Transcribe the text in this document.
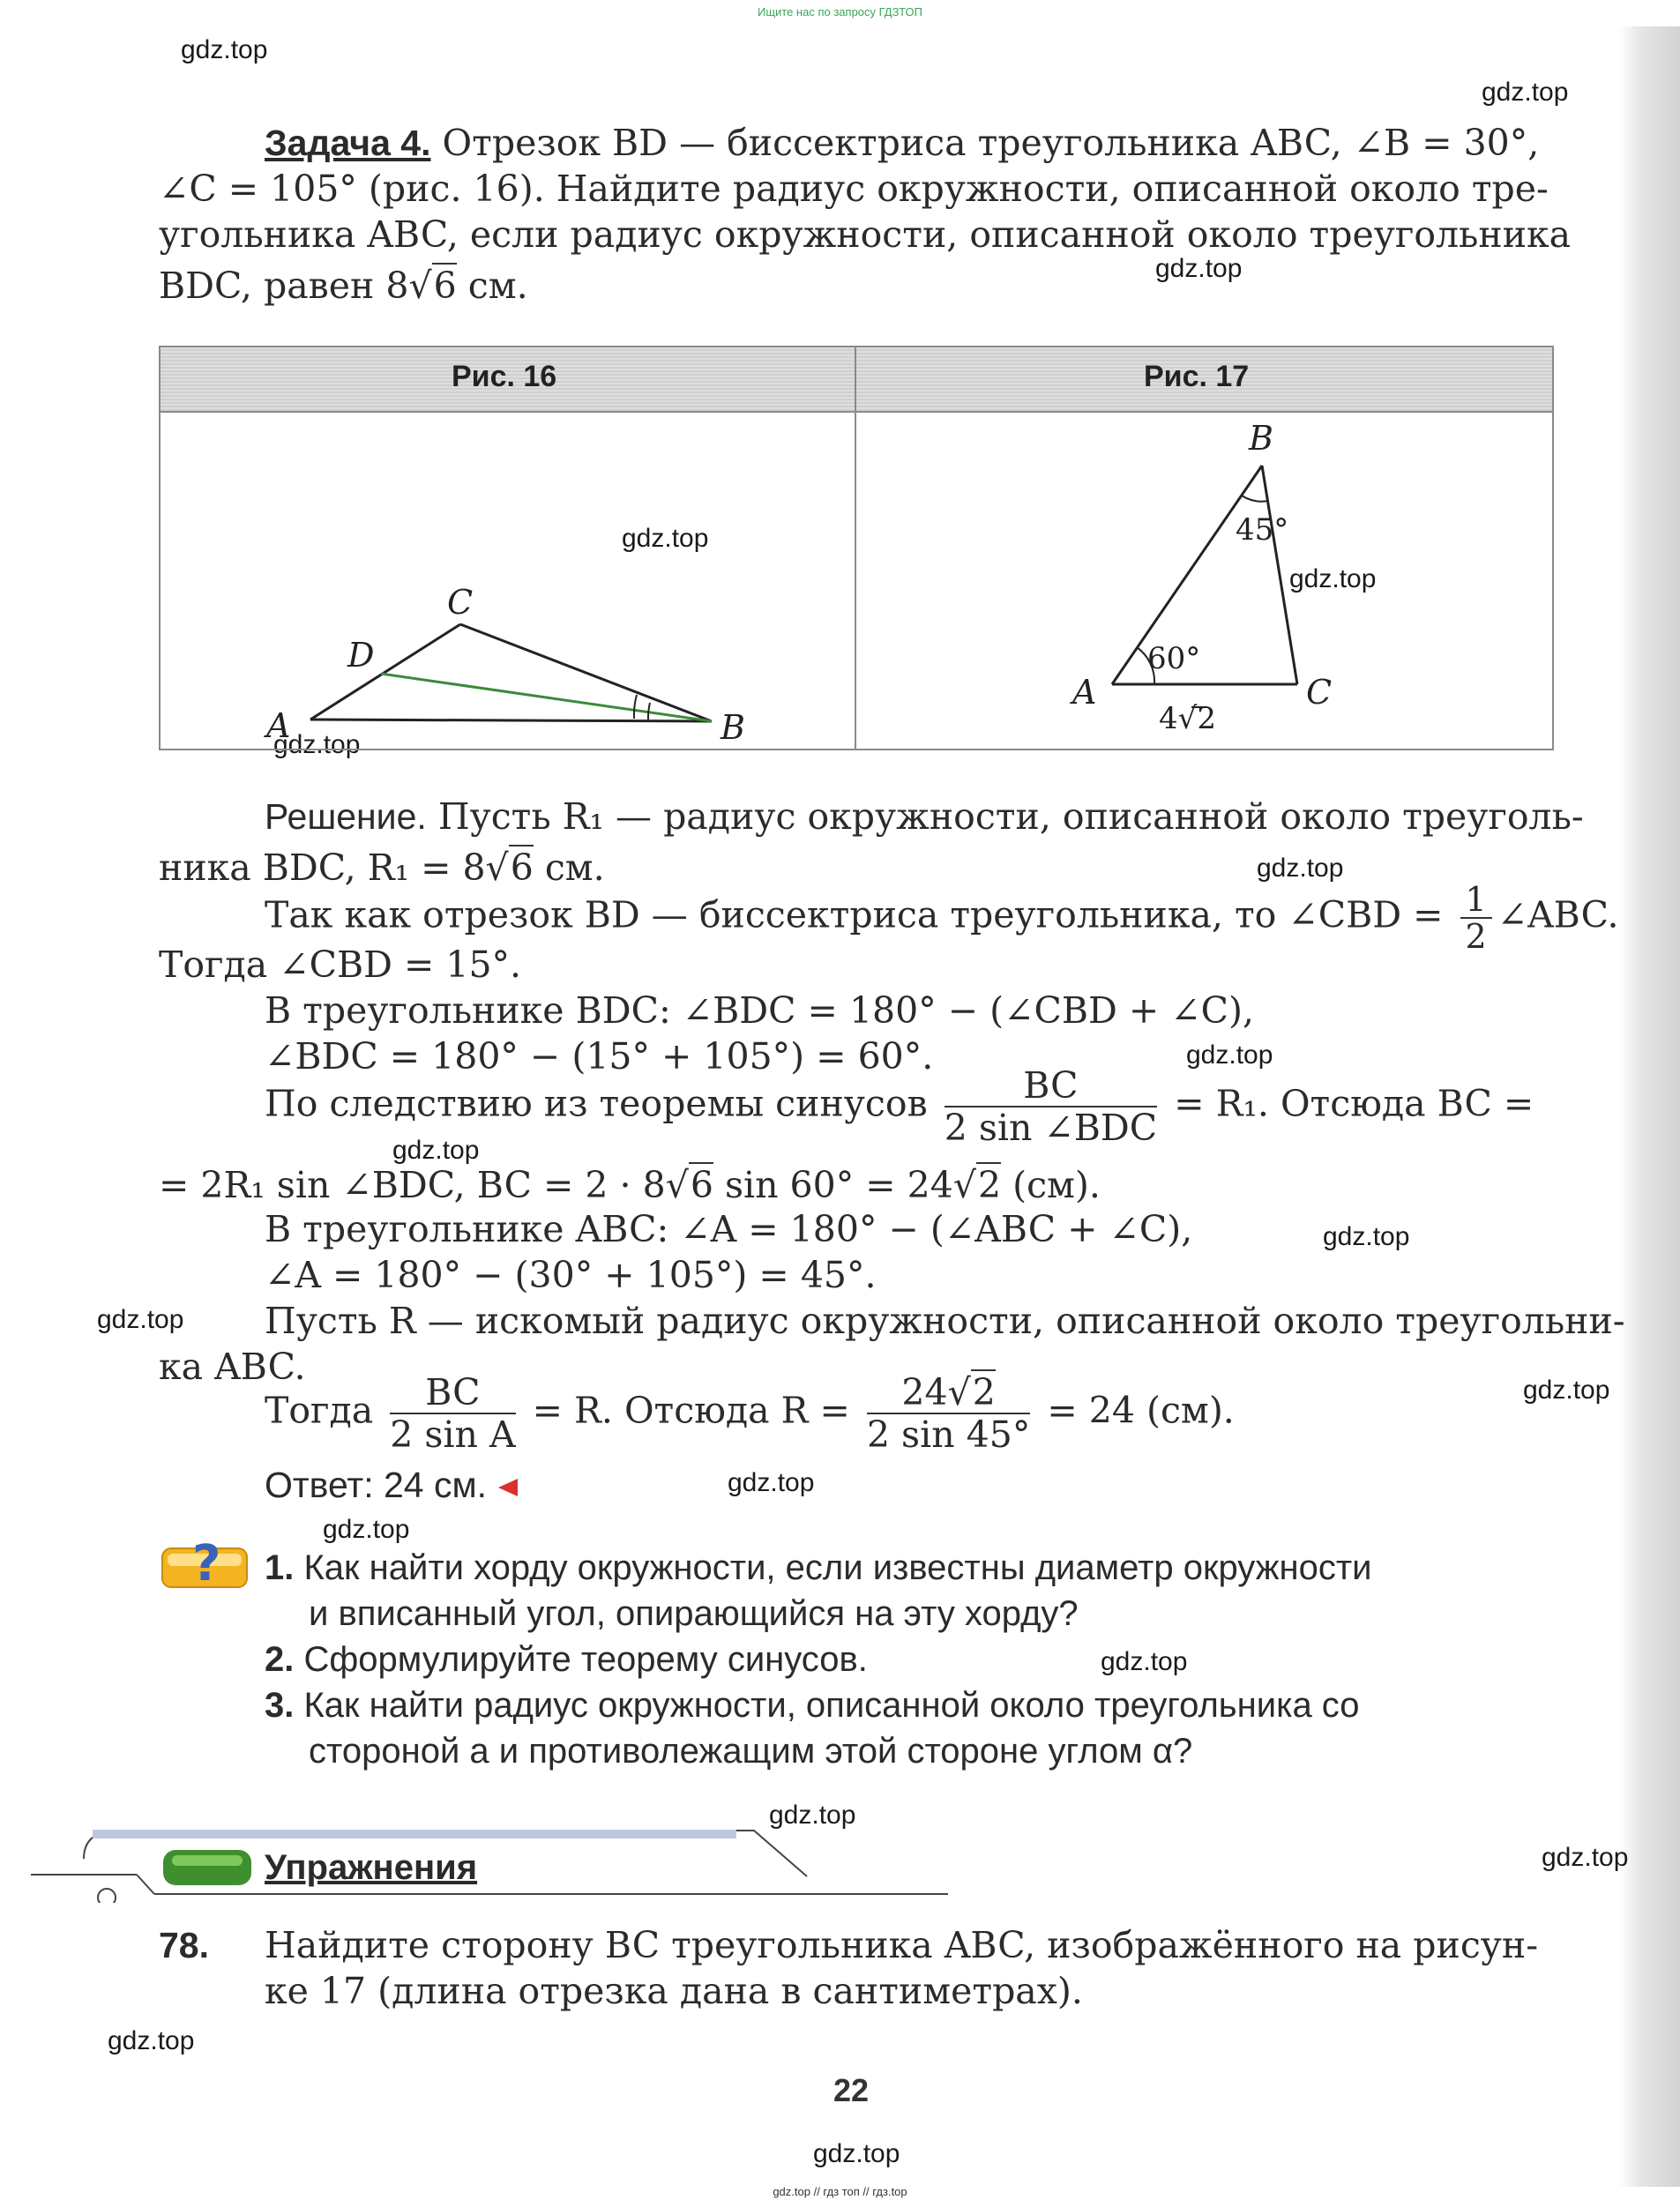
Ищите нас по запросу ГДЗТОП
gdz.top
gdz.top
gdz.top
gdz.top
gdz.top
gdz.top
gdz.top
gdz.top
gdz.top
gdz.top
gdz.top
gdz.top
gdz.top
gdz.top
gdz.top
gdz.top
gdz.top
gdz.top
gdz.top
Задача 4. Отрезок BD — биссектриса треугольника ABC, ∠B = 30°,
∠C = 105° (рис. 16). Найдите радиус окружности, описанной около тре-
угольника ABC, если радиус окружности, описанной около треугольника
BDC, равен 8√6 см.
Рис. 16	Рис. 17
A	B
C
D
B
A	C
45°
60°
4√2
Решение. Пусть R₁ — радиус окружности, описанной около треуголь-
ника BDC, R₁ = 8√6 см.
Так как отрезок BD — биссектриса треугольника, то ∠CBD = $\frac{1}{2}$ ∠ABC.
Тогда ∠CBD = 15°.
В треугольнике BDC: ∠BDC = 180° − (∠CBD + ∠C),
∠BDC = 180° − (15° + 105°) = 60°.
По следствию из теоремы синусов $\frac{BC}{\text{2 sin ∠BDC}} = R_1$. Отсюда BC =
= 2R₁ sin ∠BDC, BC = 2 · 8√6 sin 60° = 24√2 (см).
В треугольнике ABC: ∠A = 180° − (∠ABC + ∠C),
∠A = 180° − (30° + 105°) = 45°.
Пусть R — искомый радиус окружности, описанной около треугольни-
ка ABC.
Тогда $\frac{BC}{\text{2 sin A}} = R$. Отсюда $R = \frac{24√2}{2 \sin 45^\circ} = 24$ (см).
Ответ: 24 см.
? 1. Как найти хорду окружности, если известны диаметр окружности
и вписанный угол, опирающийся на эту хорду?
2. Сформулируйте теорему синусов.
3. Как найти радиус окружности, описанной около треугольника со
стороной a и противолежащим этой стороне углом α?
Упражнения
78. Найдите сторону BC треугольника ABC, изображённого на рисун-
ке 17 (длина отрезка дана в сантиметрах).
22
gdz.top // гдз топ // гдз.top
